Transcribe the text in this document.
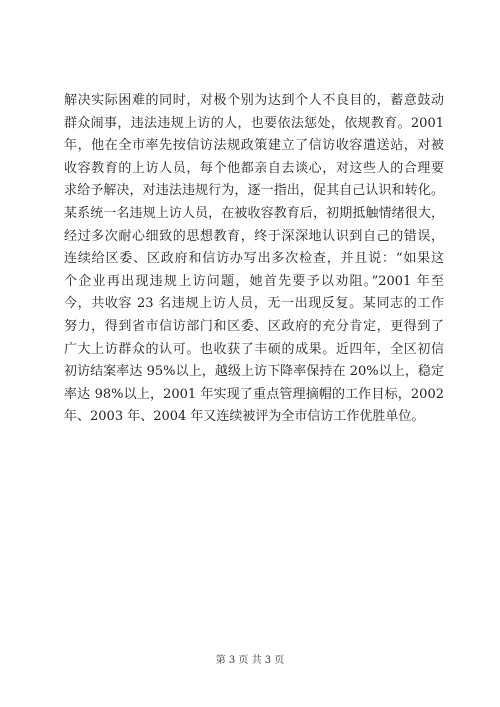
解决实际困难的同时，对极个别为达到个人不良目的，蓄意鼓动
群众闹事，违法违规上访的人，也要依法惩处，依规教育。2001
年，他在全市率先按信访法规政策建立了信访收容遣送站，对被
收容教育的上访人员，每个他都亲自去谈心，对这些人的合理要
求给予解决，对违法违规行为，逐一指出，促其自己认识和转化。
某系统一名违规上访人员，在被收容教育后，初期抵触情绪很大，
经过多次耐心细致的思想教育，终于深深地认识到自己的错误，
连续给区委、区政府和信访办写出多次检查，并且说：“如果这
个企业再出现违规上访问题，她首先要予以劝阻。”2001 年至
今，共收容 23 名违规上访人员，无一出现反复。某同志的工作
努力，得到省市信访部门和区委、区政府的充分肯定，更得到了
广大上访群众的认可。也收获了丰硕的成果。近四年，全区初信
初访结案率达 95%以上，越级上访下降率保持在 20%以上，稳定
率达 98%以上，2001 年实现了重点管理摘帽的工作目标，2002
年、2003 年、2004 年又连续被评为全市信访工作优胜单位。
第 3 页 共 3 页
